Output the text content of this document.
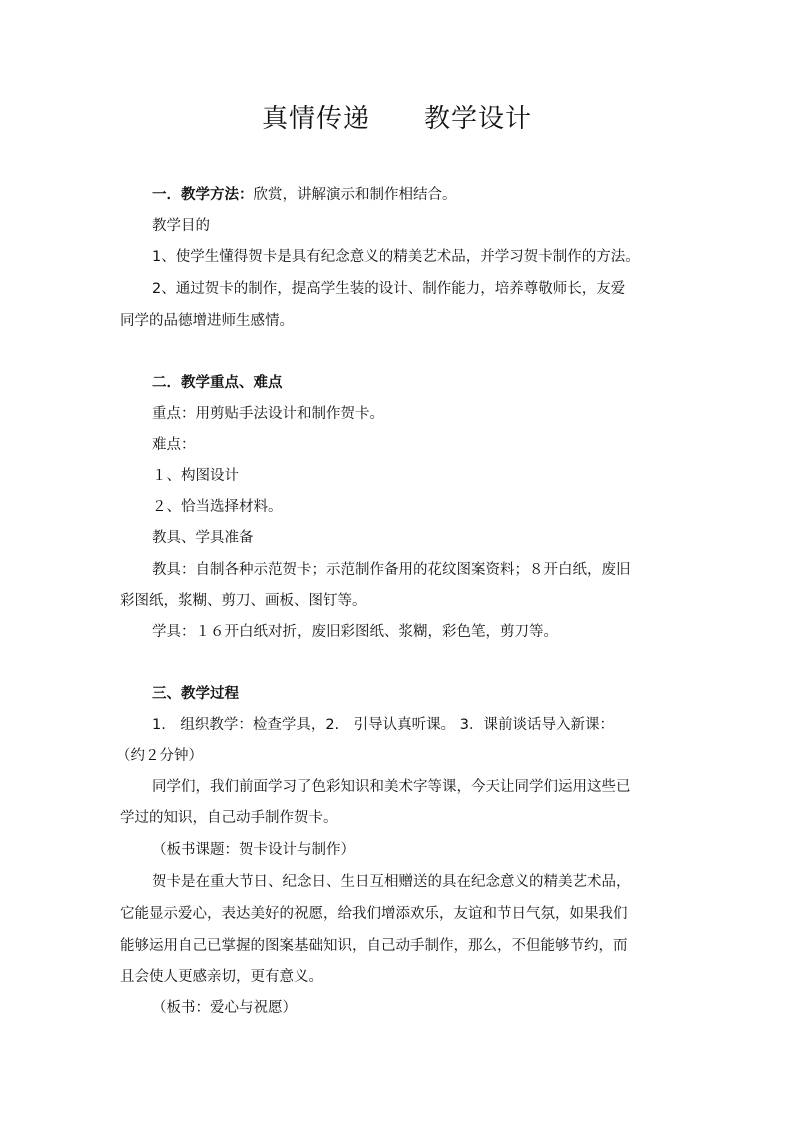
真情传递　　教学设计
一．教学方法：欣赏，讲解演示和制作相结合。
教学目的
1、使学生懂得贺卡是具有纪念意义的精美艺术品，并学习贺卡制作的方法。
2、通过贺卡的制作，提高学生装的设计、制作能力，培养尊敬师长，友爱
同学的品德增进师生感情。
二．教学重点、难点
重点：用剪贴手法设计和制作贺卡。
难点：
１、构图设计
２、恰当选择材料。
教具、学具准备
教具：自制各种示范贺卡；示范制作备用的花纹图案资料；８开白纸，废旧
彩图纸，浆糊、剪刀、画板、图钉等。
学具：１６开白纸对折，废旧彩图纸、浆糊，彩色笔，剪刀等。
三、教学过程
1.　组织教学：检查学具，2.　引导认真听课。 3．课前谈话导入新课：
（约２分钟）
同学们，我们前面学习了色彩知识和美术字等课，今天让同学们运用这些已
学过的知识，自己动手制作贺卡。
（板书课题：贺卡设计与制作）
贺卡是在重大节日、纪念日、生日互相赠送的具在纪念意义的精美艺术品，
它能显示爱心，表达美好的祝愿，给我们增添欢乐，友谊和节日气氛，如果我们
能够运用自己已掌握的图案基础知识，自己动手制作，那么，不但能够节约，而
且会使人更感亲切，更有意义。
（板书：爱心与祝愿）
